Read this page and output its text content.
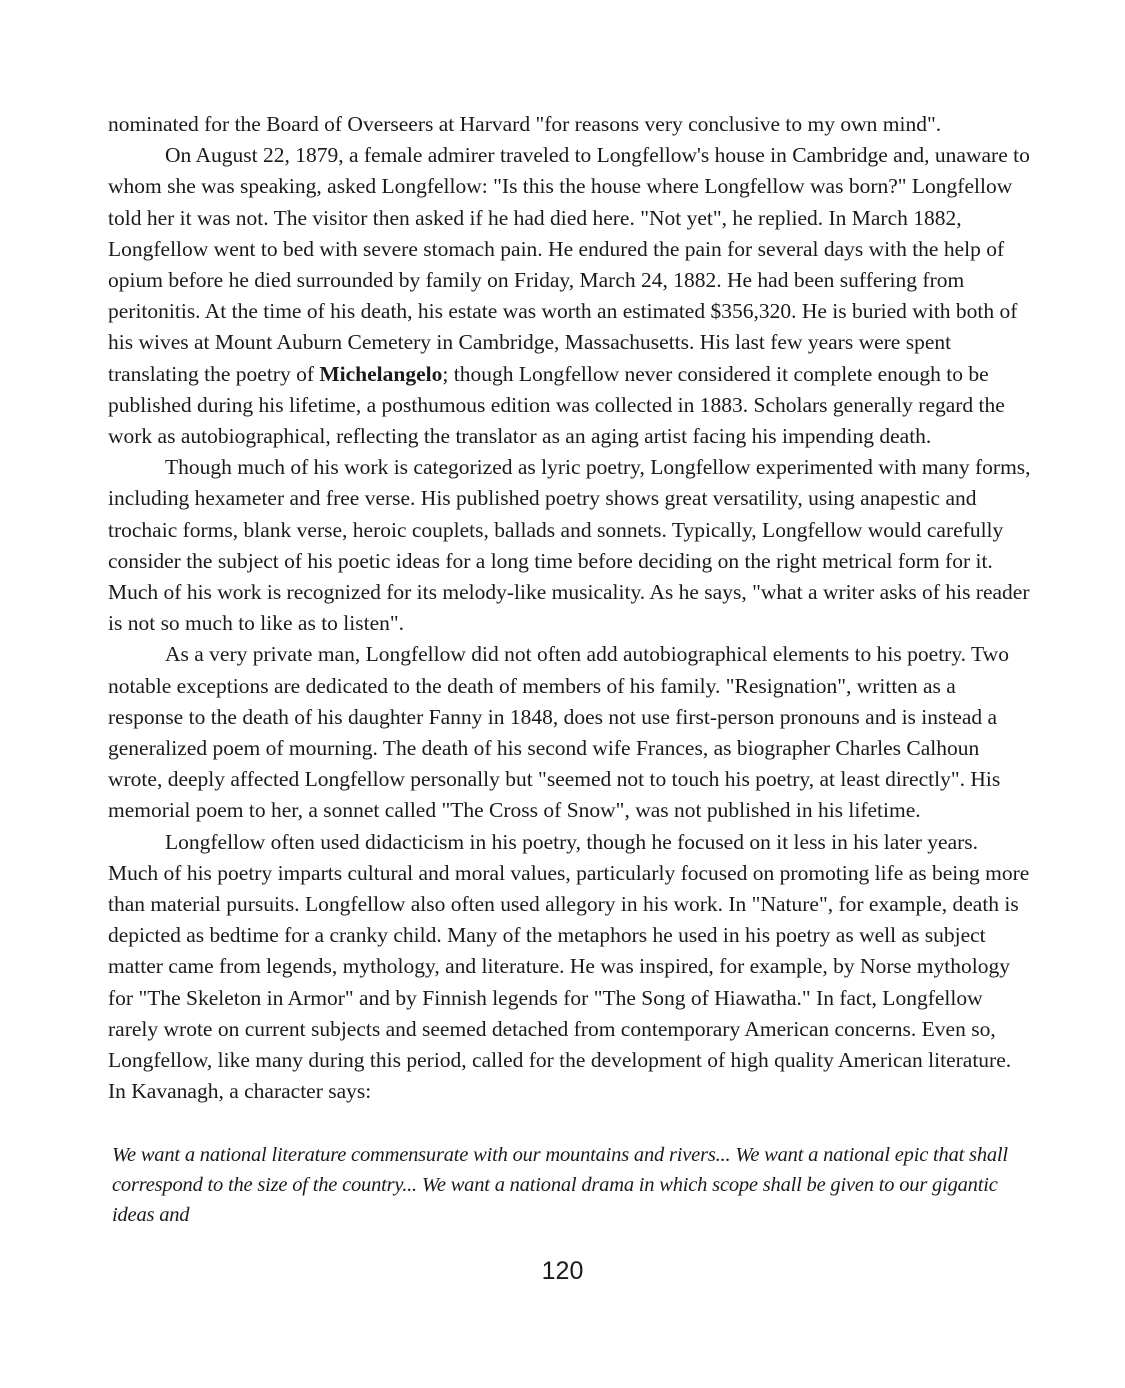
nominated for the Board of Overseers at Harvard "for reasons very conclusive to my own mind".

On August 22, 1879, a female admirer traveled to Longfellow's house in Cambridge and, unaware to whom she was speaking, asked Longfellow: "Is this the house where Longfellow was born?" Longfellow told her it was not. The visitor then asked if he had died here. "Not yet", he replied. In March 1882, Longfellow went to bed with severe stomach pain. He endured the pain for several days with the help of opium before he died surrounded by family on Friday, March 24, 1882. He had been suffering from peritonitis. At the time of his death, his estate was worth an estimated $356,320. He is buried with both of his wives at Mount Auburn Cemetery in Cambridge, Massachusetts. His last few years were spent translating the poetry of Michelangelo; though Longfellow never considered it complete enough to be published during his lifetime, a posthumous edition was collected in 1883. Scholars generally regard the work as autobiographical, reflecting the translator as an aging artist facing his impending death.

Though much of his work is categorized as lyric poetry, Longfellow experimented with many forms, including hexameter and free verse. His published poetry shows great versatility, using anapestic and trochaic forms, blank verse, heroic couplets, ballads and sonnets. Typically, Longfellow would carefully consider the subject of his poetic ideas for a long time before deciding on the right metrical form for it. Much of his work is recognized for its melody-like musicality. As he says, "what a writer asks of his reader is not so much to like as to listen".

As a very private man, Longfellow did not often add autobiographical elements to his poetry. Two notable exceptions are dedicated to the death of members of his family. "Resignation", written as a response to the death of his daughter Fanny in 1848, does not use first-person pronouns and is instead a generalized poem of mourning. The death of his second wife Frances, as biographer Charles Calhoun wrote, deeply affected Longfellow personally but "seemed not to touch his poetry, at least directly". His memorial poem to her, a sonnet called "The Cross of Snow", was not published in his lifetime.

Longfellow often used didacticism in his poetry, though he focused on it less in his later years. Much of his poetry imparts cultural and moral values, particularly focused on promoting life as being more than material pursuits. Longfellow also often used allegory in his work. In "Nature", for example, death is depicted as bedtime for a cranky child. Many of the metaphors he used in his poetry as well as subject matter came from legends, mythology, and literature. He was inspired, for example, by Norse mythology for "The Skeleton in Armor" and by Finnish legends for "The Song of Hiawatha." In fact, Longfellow rarely wrote on current subjects and seemed detached from contemporary American concerns. Even so, Longfellow, like many during this period, called for the development of high quality American literature. In Kavanagh, a character says:

We want a national literature commensurate with our mountains and rivers... We want a national epic that shall correspond to the size of the country... We want a national drama in which scope shall be given to our gigantic ideas and

120
